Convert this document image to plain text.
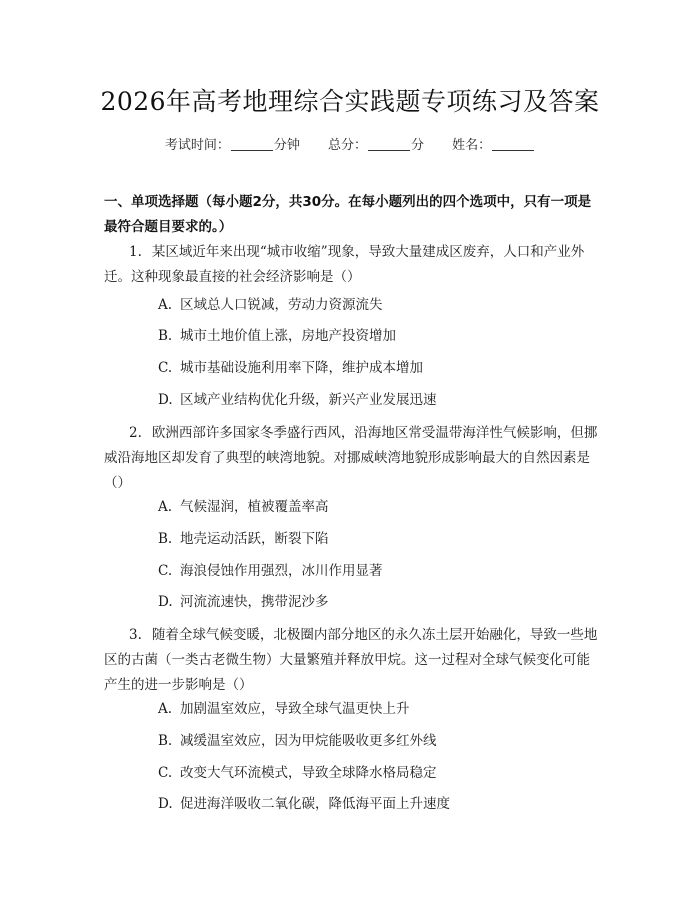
2026年高考地理综合实践题专项练习及答案
考试时间：	分钟 总分：	分 姓名：
一、单项选择题（每小题2分，共30分。在每小题列出的四个选项中，只有一项是最符合题目要求的。）
1. 某区域近年来出现“城市收缩”现象，导致大量建成区废弃，人口和产业外迁。这种现象最直接的社会经济影响是（）
A. 区域总人口锐减，劳动力资源流失
B. 城市土地价值上涨，房地产投资增加
C. 城市基础设施利用率下降，维护成本增加
D. 区域产业结构优化升级，新兴产业发展迅速
2. 欧洲西部许多国家冬季盛行西风，沿海地区常受温带海洋性气候影响，但挪威沿海地区却发育了典型的峡湾地貌。对挪威峡湾地貌形成影响最大的自然因素是（）
A. 气候湿润，植被覆盖率高
B. 地壳运动活跃，断裂下陷
C. 海浪侵蚀作用强烈，冰川作用显著
D. 河流流速快，携带泥沙多
3. 随着全球气候变暖，北极圈内部分地区的永久冻土层开始融化，导致一些地区的古菌（一类古老微生物）大量繁殖并释放甲烷。这一过程对全球气候变化可能产生的进一步影响是（）
A. 加剧温室效应，导致全球气温更快上升
B. 减缓温室效应，因为甲烷能吸收更多红外线
C. 改变大气环流模式，导致全球降水格局稳定
D. 促进海洋吸收二氧化碳，降低海平面上升速度
